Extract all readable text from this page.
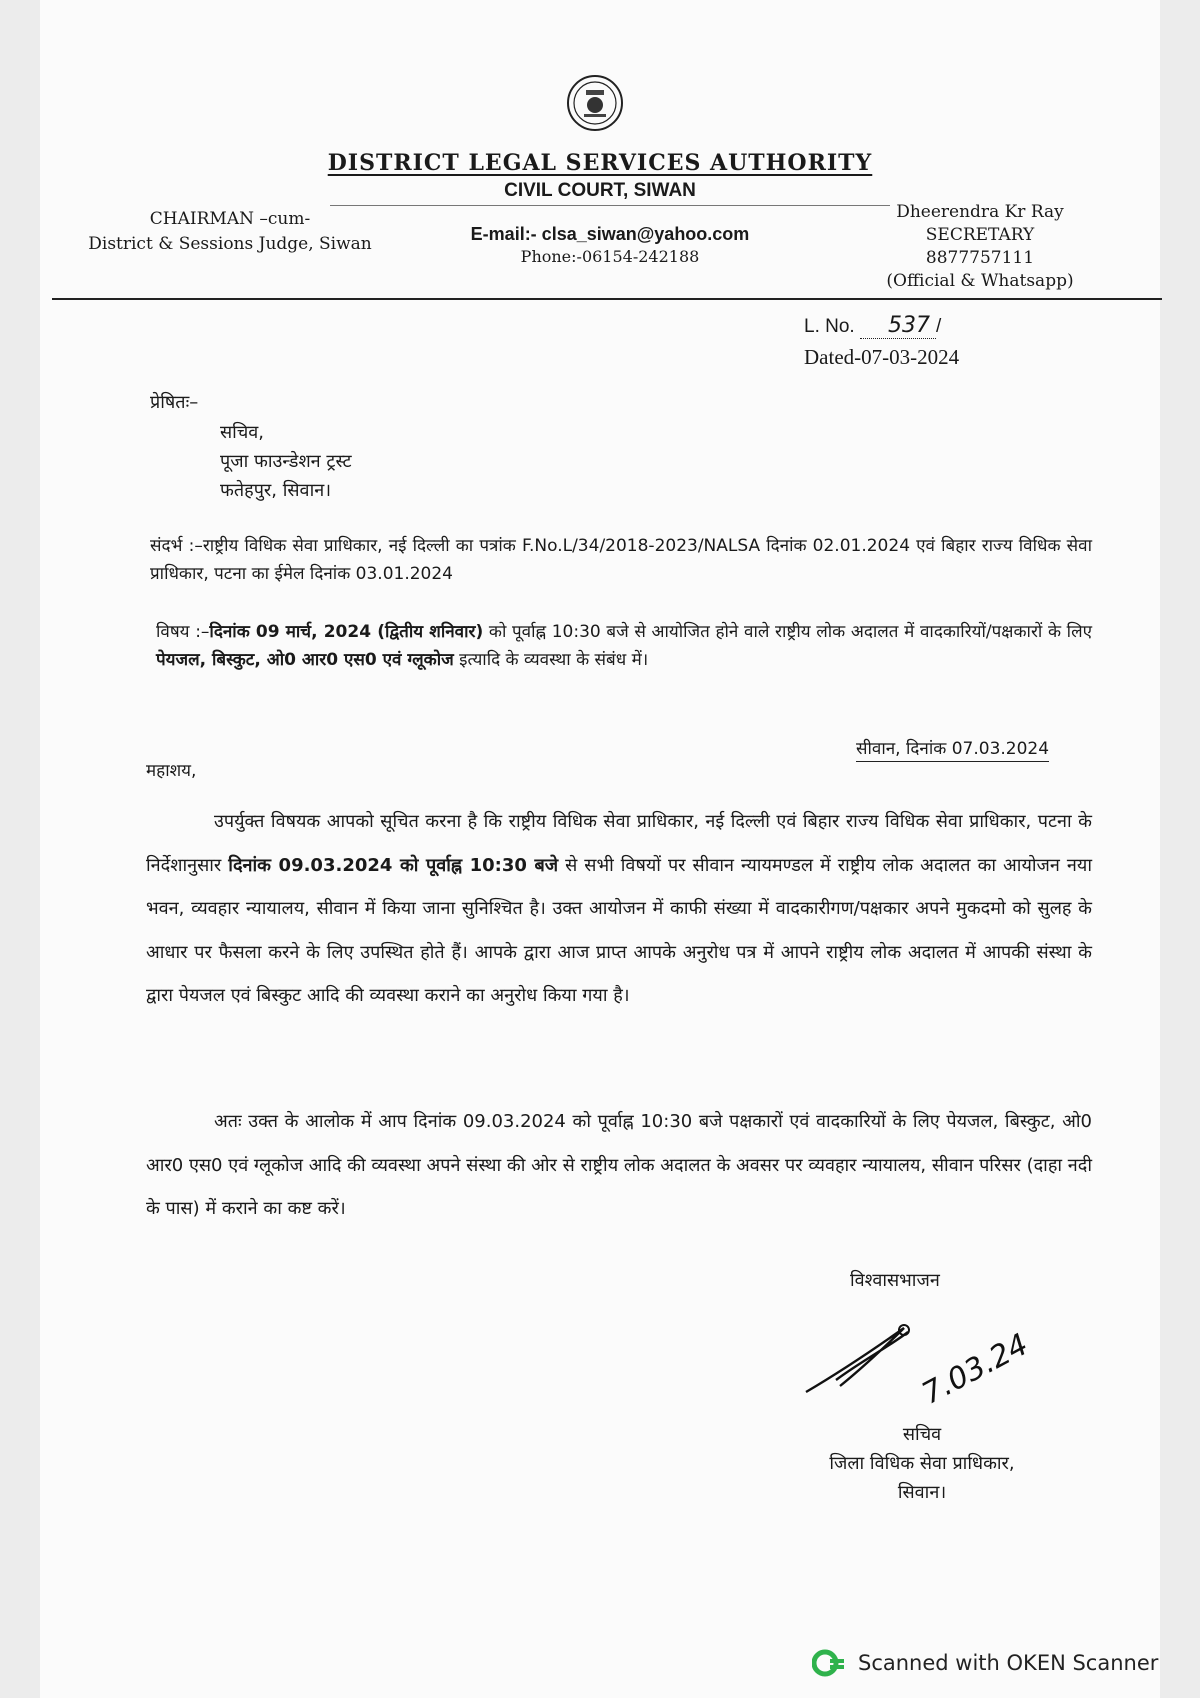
DISTRICT LEGAL SERVICES AUTHORITY
CIVIL COURT, SIWAN
CHAIRMAN –cum-
District & Sessions Judge, Siwan	E-mail:- clsa_siwan@yahoo.com
Phone:-06154-242188
Dheerendra Kr Ray
SECRETARY
8877757111
(Official & Whatsapp)
L. No. 537 /
Dated-07-03-2024
प्रेषितः–
सचिव,
पूजा फाउन्डेशन ट्रस्ट
फतेहपुर, सिवान।
संदर्भ :–राष्ट्रीय विधिक सेवा प्राधिकार, नई दिल्ली का पत्रांक F.No.L/34/2018-2023/NALSA दिनांक 02.01.2024 एवं बिहार राज्य विधिक सेवा प्राधिकार, पटना का ईमेल दिनांक 03.01.2024
विषय :–दिनांक 09 मार्च, 2024 (द्वितीय शनिवार) को पूर्वाह्न 10:30 बजे से आयोजित होने वाले राष्ट्रीय लोक अदालत में वादकारियों/पक्षकारों के लिए पेयजल, बिस्कुट, ओ0 आर0 एस0 एवं ग्लूकोज इत्यादि के व्यवस्था के संबंध में।
सीवान, दिनांक 07.03.2024
महाशय,
उपर्युक्त विषयक आपको सूचित करना है कि राष्ट्रीय विधिक सेवा प्राधिकार, नई दिल्ली एवं बिहार राज्य विधिक सेवा प्राधिकार, पटना के निर्देशानुसार दिनांक 09.03.2024 को पूर्वाह्न 10:30 बजे से सभी विषयों पर सीवान न्यायमण्डल में राष्ट्रीय लोक अदालत का आयोजन नया भवन, व्यवहार न्यायालय, सीवान में किया जाना सुनिश्चित है। उक्त आयोजन में काफी संख्या में वादकारीगण/पक्षकार अपने मुकदमो को सुलह के आधार पर फैसला करने के लिए उपस्थित होते हैं। आपके द्वारा आज प्राप्त आपके अनुरोध पत्र में आपने राष्ट्रीय लोक अदालत में आपकी संस्था के द्वारा पेयजल एवं बिस्कुट आदि की व्यवस्था कराने का अनुरोध किया गया है।
अतः उक्त के आलोक में आप दिनांक 09.03.2024 को पूर्वाह्न 10:30 बजे पक्षकारों एवं वादकारियों के लिए पेयजल, बिस्कुट, ओ0 आर0 एस0 एवं ग्लूकोज आदि की व्यवस्था अपने संस्था की ओर से राष्ट्रीय लोक अदालत के अवसर पर व्यवहार न्यायालय, सीवान परिसर (दाहा नदी के पास) में कराने का कष्ट करें।
विश्वासभाजन
7.03.24
सचिव
जिला विधिक सेवा प्राधिकार,
सिवान।
Scanned with OKEN Scanner
